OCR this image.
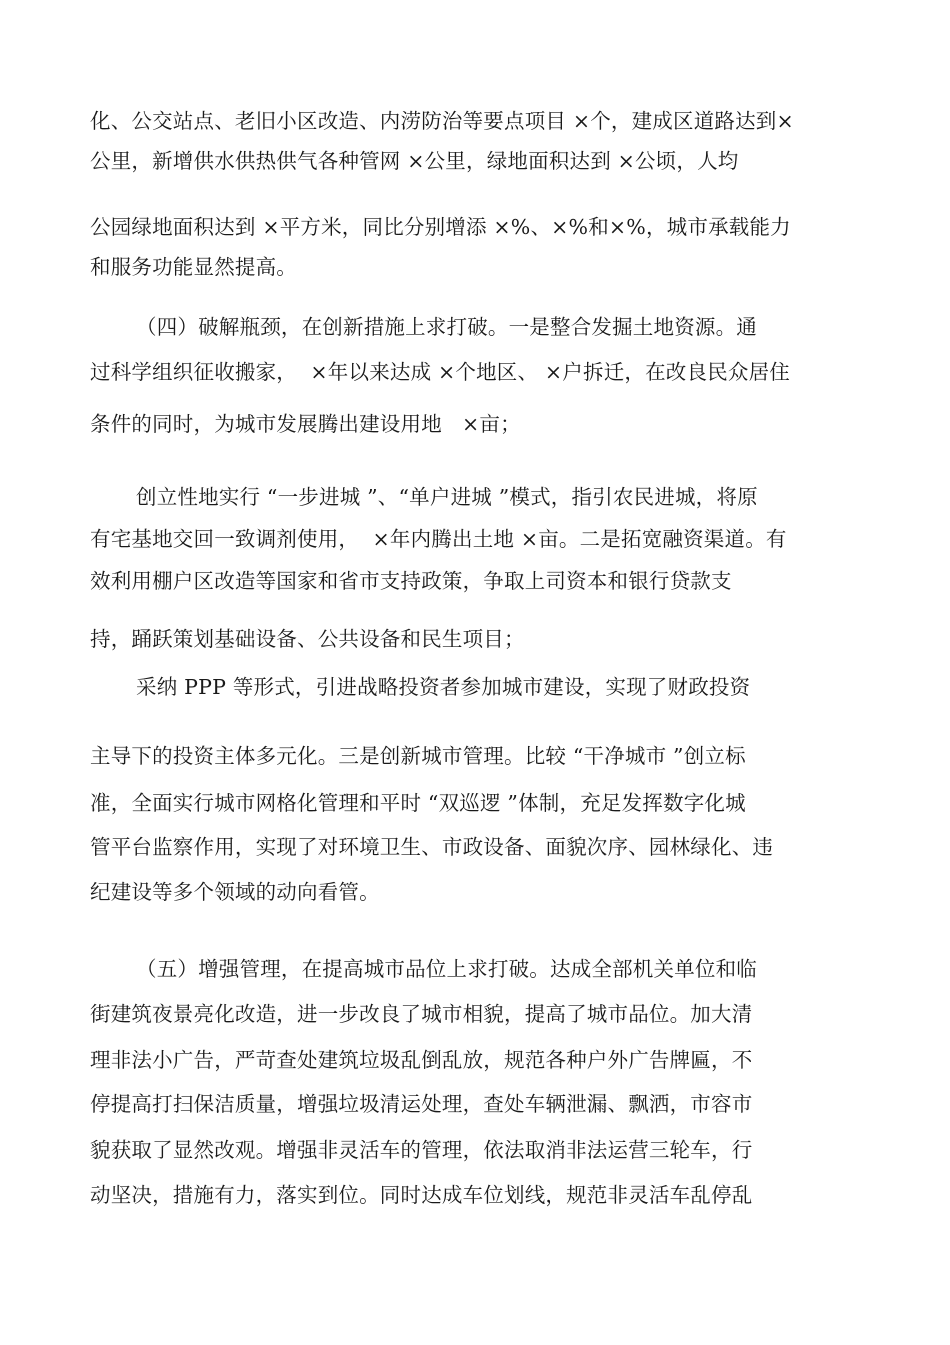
化、公交站点、老旧小区改造、内涝防治等要点项目 ×个，建成区道路达到×
公里，新增供水供热供气各种管网 ×公里，绿地面积达到 ×公顷，人均
公园绿地面积达到 ×平方米，同比分别增添 ×%、×%和×%，城市承载能力
和服务功能显然提高。
（四）破解瓶颈，在创新措施上求打破。一是整合发掘土地资源。通
过科学组织征收搬家，  ×年以来达成 ×个地区、 ×户拆迁，在改良民众居住
条件的同时，为城市发展腾出建设用地   ×亩；
创立性地实行 “一步进城 ”、“单户进城 ”模式，指引农民进城，将原
有宅基地交回一致调剂使用，  ×年内腾出土地 ×亩。二是拓宽融资渠道。有
效利用棚户区改造等国家和省市支持政策，争取上司资本和银行贷款支
持，踊跃策划基础设备、公共设备和民生项目；
采纳 PPP 等形式，引进战略投资者参加城市建设，实现了财政投资
主导下的投资主体多元化。三是创新城市管理。比较 “干净城市 ”创立标
准，全面实行城市网格化管理和平时 “双巡逻 ”体制，充足发挥数字化城
管平台监察作用，实现了对环境卫生、市政设备、面貌次序、园林绿化、违
纪建设等多个领域的动向看管。
（五）增强管理，在提高城市品位上求打破。达成全部机关单位和临
街建筑夜景亮化改造，进一步改良了城市相貌，提高了城市品位。加大清
理非法小广告，严苛查处建筑垃圾乱倒乱放，规范各种户外广告牌匾，不
停提高打扫保洁质量，增强垃圾清运处理，查处车辆泄漏、飘洒，市容市
貌获取了显然改观。增强非灵活车的管理，依法取消非法运营三轮车，行
动坚决，措施有力，落实到位。同时达成车位划线，规范非灵活车乱停乱
